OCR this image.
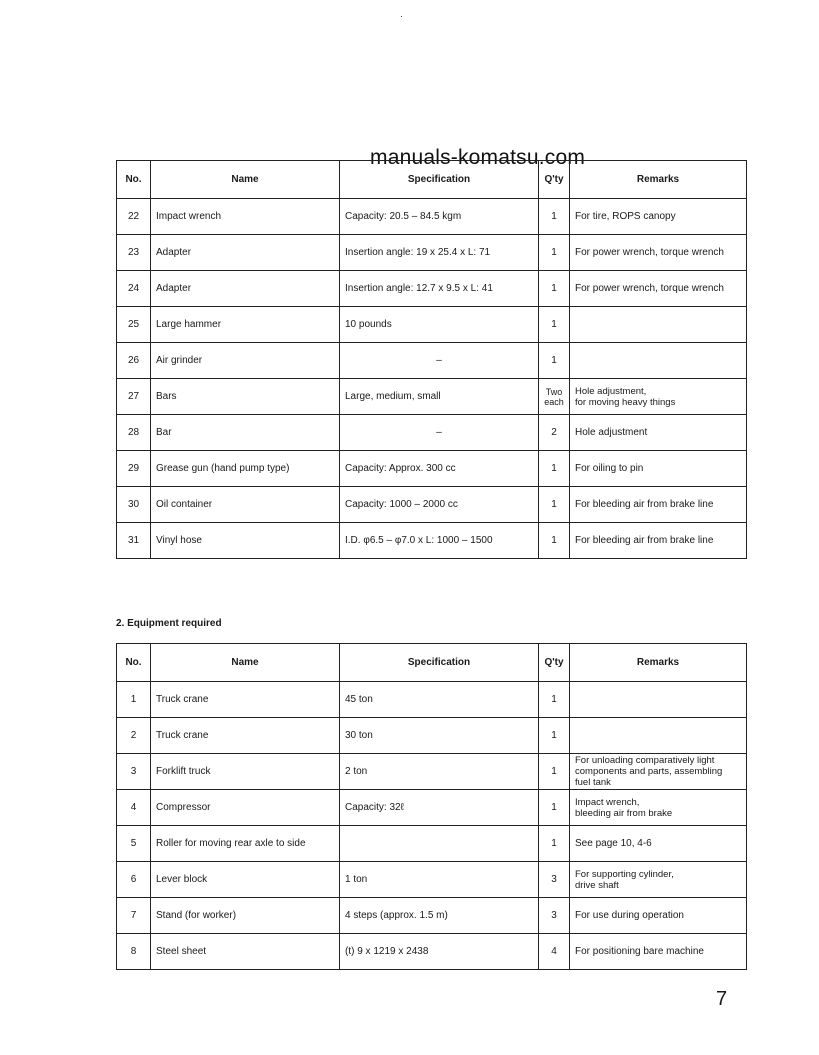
manuals-komatsu.com
No.	Name	Specification	Q'ty	Remarks
22	Impact wrench	Capacity: 20.5 – 84.5 kgm	1	For tire, ROPS canopy

23	Adapter	Insertion angle: 19 x 25.4 x L: 71	1	For power wrench, torque wrench

24	Adapter	Insertion angle: 12.7 x 9.5 x L: 41	1	For power wrench, torque wrench

25	Large hammer	10 pounds	1	

26	Air grinder	–	1	

27	Bars	Large, medium, small	Two each	Hole adjustment,
for moving heavy things

28	Bar	–	2	Hole adjustment

29	Grease gun (hand pump type)	Capacity: Approx. 300 cc	1	For oiling to pin

30	Oil container	Capacity: 1000 – 2000 cc	1	For bleeding air from brake line

31	Vinyl hose	I.D. φ6.5 – φ7.0 x L: 1000 – 1500	1	For bleeding air from brake line
2. Equipment required
No.	Name	Specification	Q'ty	Remarks
1	Truck crane	45 ton	1	

2	Truck crane	30 ton	1	

3	Forklift truck	2 ton	1	For unloading comparatively light
components and parts, assembling
fuel tank

4	Compressor	Capacity: 32ℓ	1	Impact wrench,
bleeding air from brake

5	Roller for moving rear axle to side		1	See page 10, 4-6

6	Lever block	1 ton	3	For supporting cylinder,
drive shaft

7	Stand (for worker)	4 steps (approx. 1.5 m)	3	For use during operation

8	Steel sheet	(t) 9 x 1219 x 2438	4	For positioning bare machine
7
